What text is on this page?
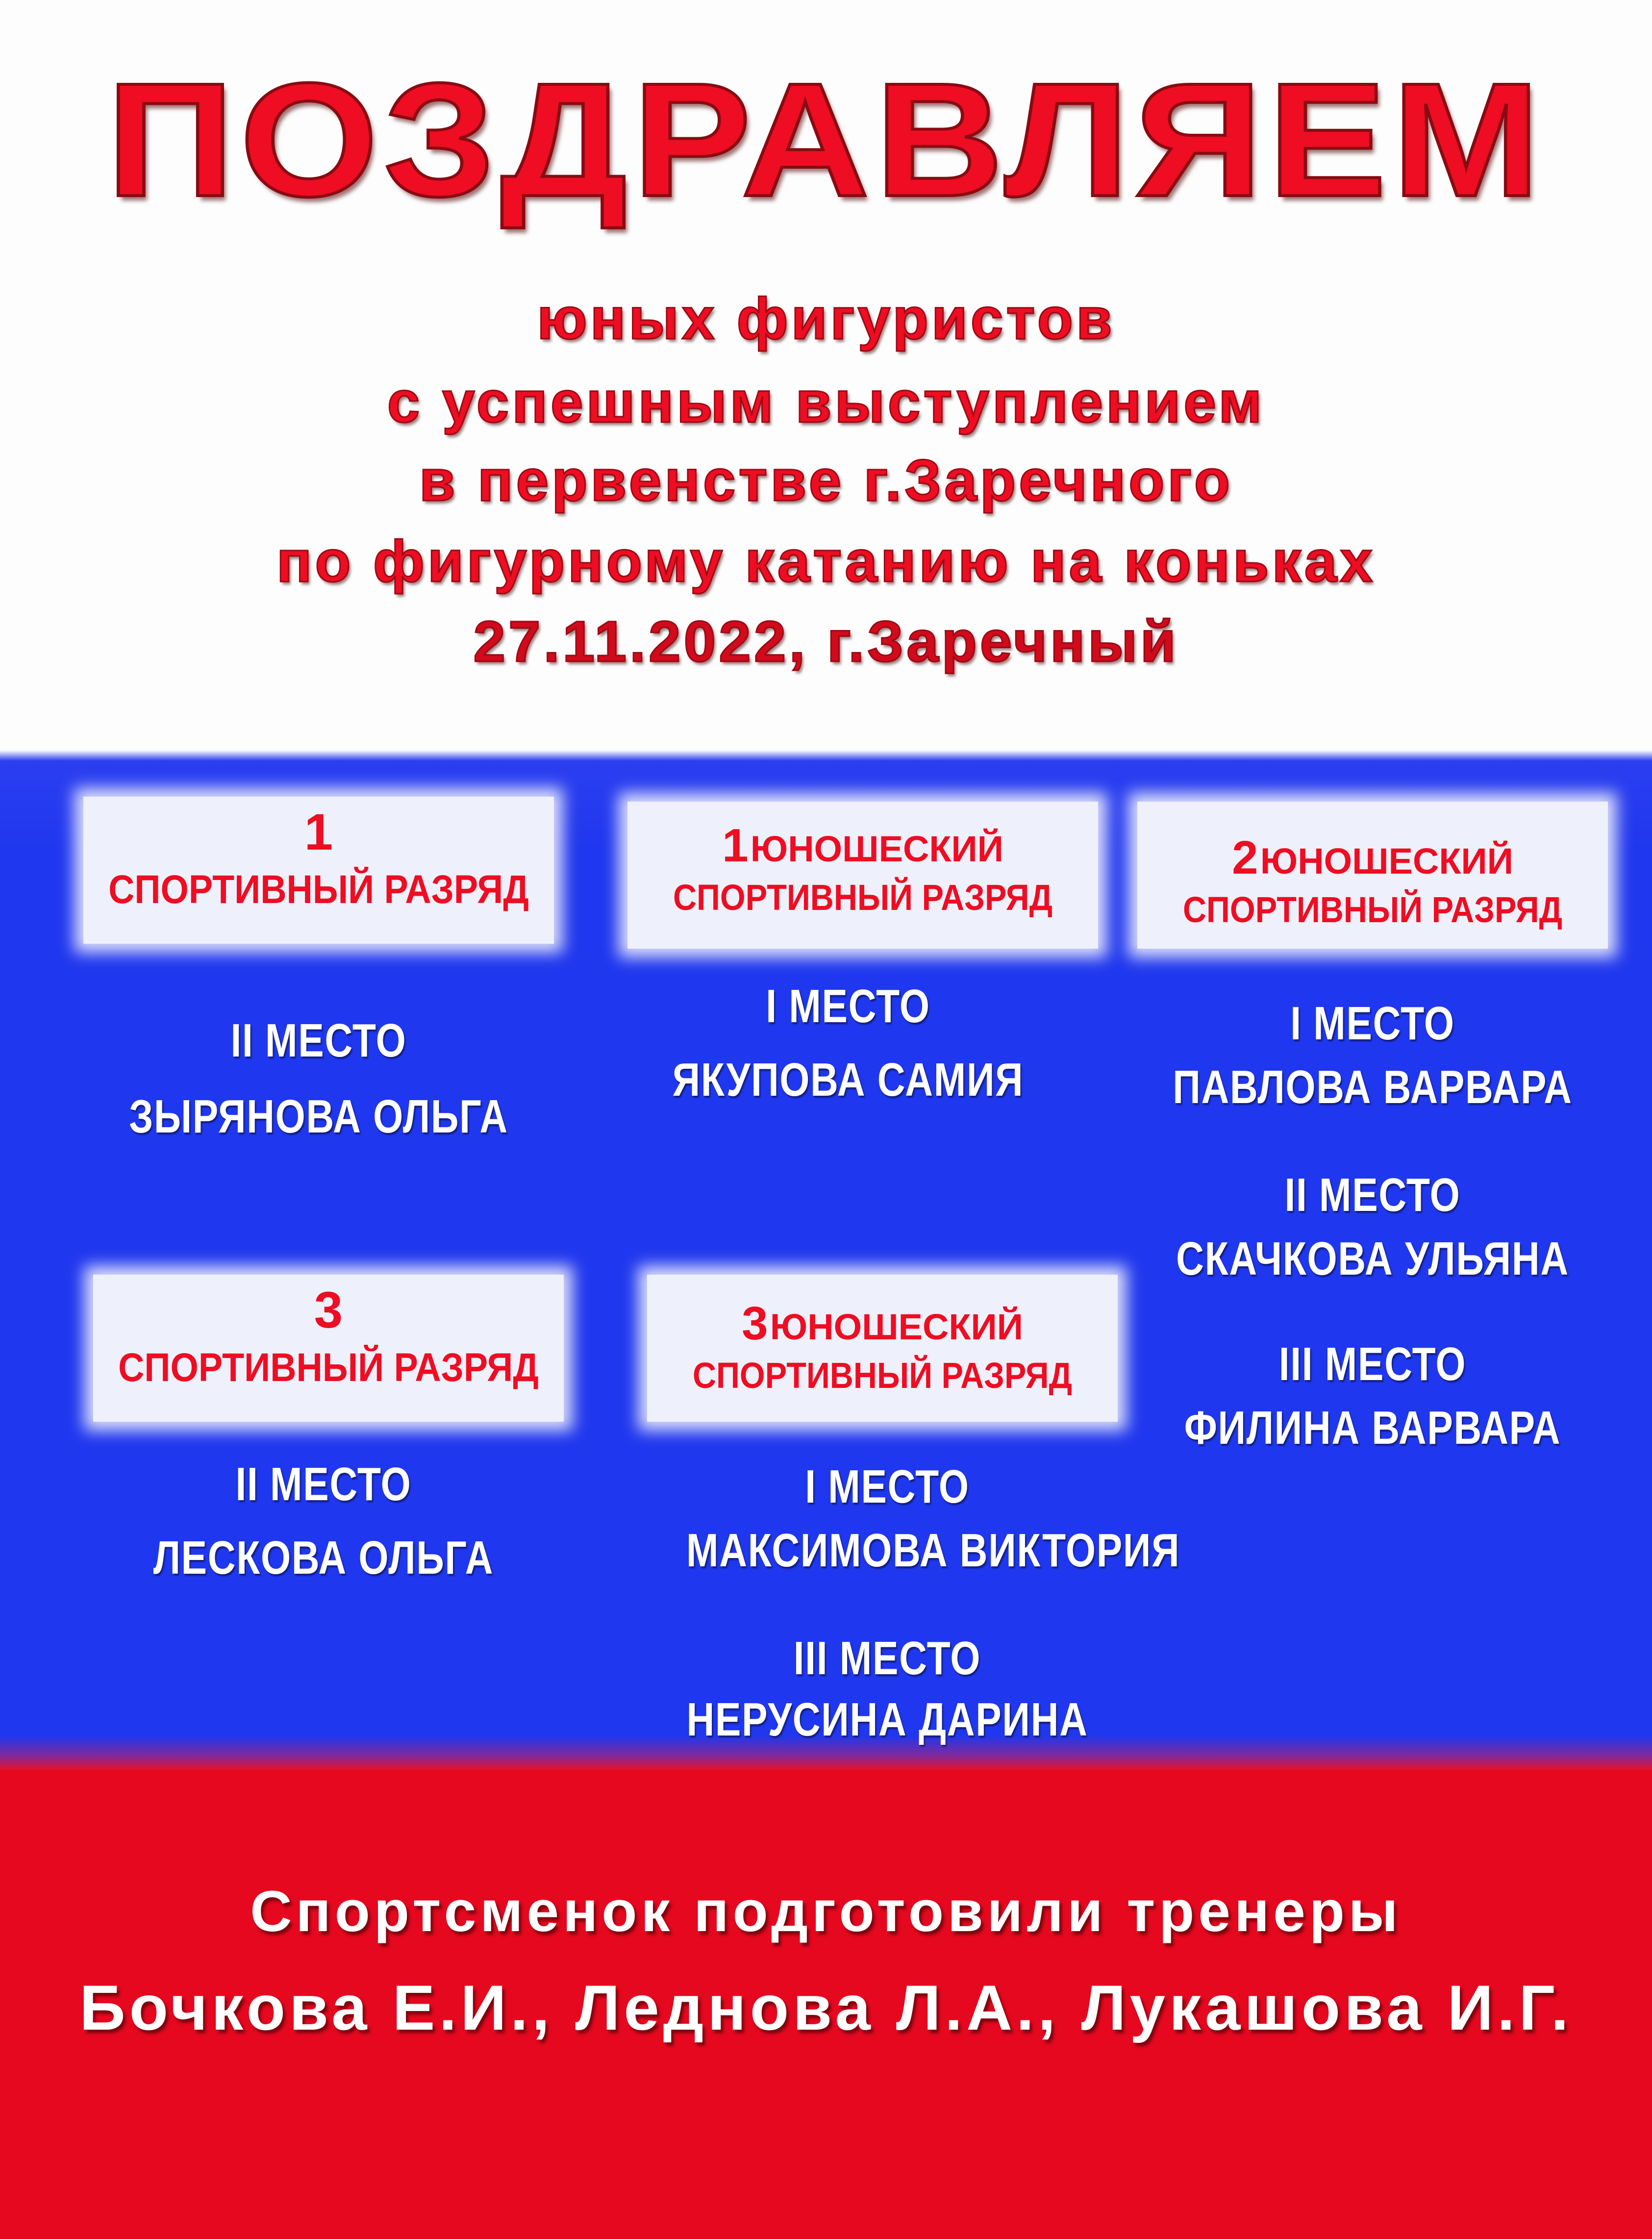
ПОЗДРАВЛЯЕМ
юных фигуристов
с успешным выступлением
в первенстве г.Заречного
по фигурному катанию на коньках
27.11.2022, г.Заречный
1
СПОРТИВНЫЙ РАЗРЯД
1 ЮНОШЕСКИЙ
СПОРТИВНЫЙ РАЗРЯД
2 ЮНОШЕСКИЙ
СПОРТИВНЫЙ РАЗРЯД
3
СПОРТИВНЫЙ РАЗРЯД
3 ЮНОШЕСКИЙ
СПОРТИВНЫЙ РАЗРЯД
II МЕСТО
ЗЫРЯНОВА ОЛЬГА
II МЕСТО
ЛЕСКОВА ОЛЬГА
I МЕСТО
ЯКУПОВА САМИЯ
I МЕСТО
МАКСИМОВА ВИКТОРИЯ
III МЕСТО
НЕРУСИНА ДАРИНА
I МЕСТО
ПАВЛОВА ВАРВАРА
II МЕСТО
СКАЧКОВА УЛЬЯНА
III МЕСТО
ФИЛИНА ВАРВАРА
Спортсменок подготовили тренеры
Бочкова Е.И., Леднова Л.А., Лукашова И.Г.
